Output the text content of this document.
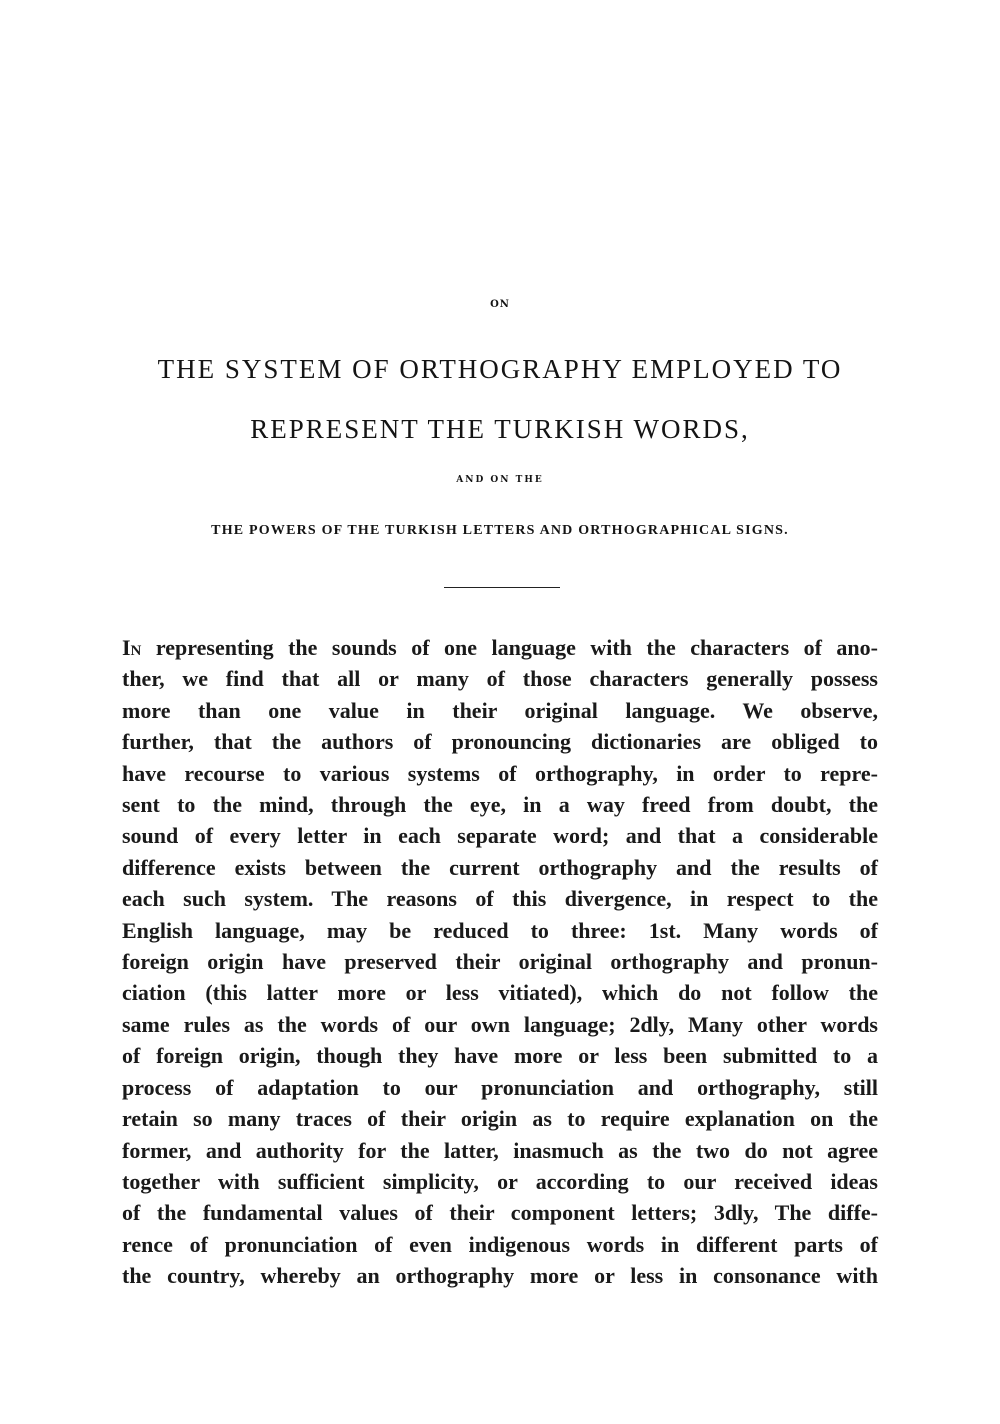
ON
THE SYSTEM OF ORTHOGRAPHY EMPLOYED TO
REPRESENT THE TURKISH WORDS,
AND ON THE
THE POWERS OF THE TURKISH LETTERS AND ORTHOGRAPHICAL SIGNS.
In representing the sounds of one language with the characters of ano-
ther, we find that all or many of those characters generally possess
more than one value in their original language. We observe,
further, that the authors of pronouncing dictionaries are obliged to
have recourse to various systems of orthography, in order to repre-
sent to the mind, through the eye, in a way freed from doubt, the
sound of every letter in each separate word; and that a considerable
difference exists between the current orthography and the results of
each such system. The reasons of this divergence, in respect to the
English language, may be reduced to three: 1st. Many words of
foreign origin have preserved their original orthography and pronun-
ciation (this latter more or less vitiated), which do not follow the
same rules as the words of our own language; 2dly, Many other words
of foreign origin, though they have more or less been submitted to a
process of adaptation to our pronunciation and orthography, still
retain so many traces of their origin as to require explanation on the
former, and authority for the latter, inasmuch as the two do not agree
together with sufficient simplicity, or according to our received ideas
of the fundamental values of their component letters; 3dly, The diffe-
rence of pronunciation of even indigenous words in different parts of
the country, whereby an orthography more or less in consonance with
